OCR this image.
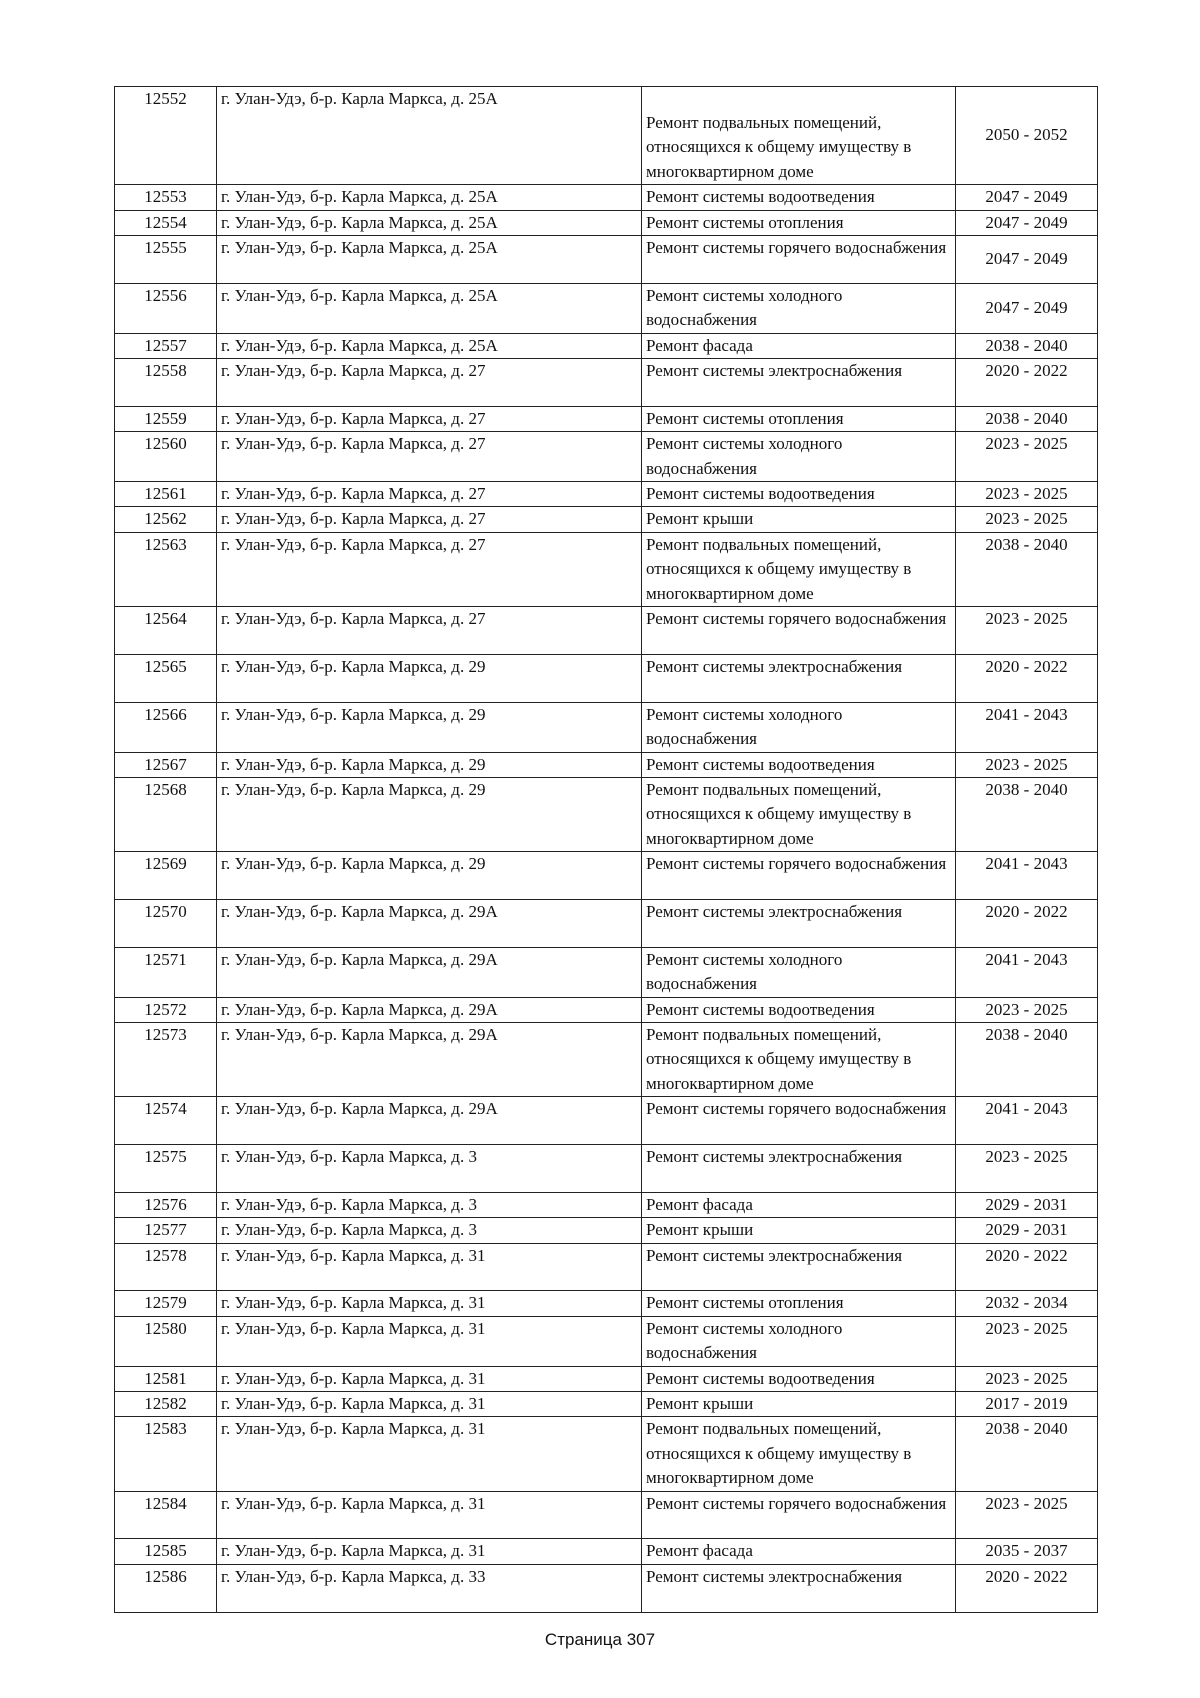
12552	г. Улан-Удэ, б-р. Карла Маркса, д. 25А	Ремонт подвальных помещений, относящихся к общему имуществу в многоквартирном доме	2050 - 2052
12553	г. Улан-Удэ, б-р. Карла Маркса, д. 25А	Ремонт системы водоотведения	2047 - 2049
12554	г. Улан-Удэ, б-р. Карла Маркса, д. 25А	Ремонт системы отопления	2047 - 2049
12555	г. Улан-Удэ, б-р. Карла Маркса, д. 25А	Ремонт системы горячего водоснабжения	2047 - 2049
12556	г. Улан-Удэ, б-р. Карла Маркса, д. 25А	Ремонт системы холодного водоснабжения	2047 - 2049
12557	г. Улан-Удэ, б-р. Карла Маркса, д. 25А	Ремонт фасада	2038 - 2040
12558	г. Улан-Удэ, б-р. Карла Маркса, д. 27	Ремонт системы электроснабжения	2020 - 2022
12559	г. Улан-Удэ, б-р. Карла Маркса, д. 27	Ремонт системы отопления	2038 - 2040
12560	г. Улан-Удэ, б-р. Карла Маркса, д. 27	Ремонт системы холодного водоснабжения	2023 - 2025
12561	г. Улан-Удэ, б-р. Карла Маркса, д. 27	Ремонт системы водоотведения	2023 - 2025
12562	г. Улан-Удэ, б-р. Карла Маркса, д. 27	Ремонт крыши	2023 - 2025
12563	г. Улан-Удэ, б-р. Карла Маркса, д. 27	Ремонт подвальных помещений, относящихся к общему имуществу в многоквартирном доме	2038 - 2040
12564	г. Улан-Удэ, б-р. Карла Маркса, д. 27	Ремонт системы горячего водоснабжения	2023 - 2025
12565	г. Улан-Удэ, б-р. Карла Маркса, д. 29	Ремонт системы электроснабжения	2020 - 2022
12566	г. Улан-Удэ, б-р. Карла Маркса, д. 29	Ремонт системы холодного водоснабжения	2041 - 2043
12567	г. Улан-Удэ, б-р. Карла Маркса, д. 29	Ремонт системы водоотведения	2023 - 2025
12568	г. Улан-Удэ, б-р. Карла Маркса, д. 29	Ремонт подвальных помещений, относящихся к общему имуществу в многоквартирном доме	2038 - 2040
12569	г. Улан-Удэ, б-р. Карла Маркса, д. 29	Ремонт системы горячего водоснабжения	2041 - 2043
12570	г. Улан-Удэ, б-р. Карла Маркса, д. 29А	Ремонт системы электроснабжения	2020 - 2022
12571	г. Улан-Удэ, б-р. Карла Маркса, д. 29А	Ремонт системы холодного водоснабжения	2041 - 2043
12572	г. Улан-Удэ, б-р. Карла Маркса, д. 29А	Ремонт системы водоотведения	2023 - 2025
12573	г. Улан-Удэ, б-р. Карла Маркса, д. 29А	Ремонт подвальных помещений, относящихся к общему имуществу в многоквартирном доме	2038 - 2040
12574	г. Улан-Удэ, б-р. Карла Маркса, д. 29А	Ремонт системы горячего водоснабжения	2041 - 2043
12575	г. Улан-Удэ, б-р. Карла Маркса, д. 3	Ремонт системы электроснабжения	2023 - 2025
12576	г. Улан-Удэ, б-р. Карла Маркса, д. 3	Ремонт фасада	2029 - 2031
12577	г. Улан-Удэ, б-р. Карла Маркса, д. 3	Ремонт крыши	2029 - 2031
12578	г. Улан-Удэ, б-р. Карла Маркса, д. 31	Ремонт системы электроснабжения	2020 - 2022
12579	г. Улан-Удэ, б-р. Карла Маркса, д. 31	Ремонт системы отопления	2032 - 2034
12580	г. Улан-Удэ, б-р. Карла Маркса, д. 31	Ремонт системы холодного водоснабжения	2023 - 2025
12581	г. Улан-Удэ, б-р. Карла Маркса, д. 31	Ремонт системы водоотведения	2023 - 2025
12582	г. Улан-Удэ, б-р. Карла Маркса, д. 31	Ремонт крыши	2017 - 2019
12583	г. Улан-Удэ, б-р. Карла Маркса, д. 31	Ремонт подвальных помещений, относящихся к общему имуществу в многоквартирном доме	2038 - 2040
12584	г. Улан-Удэ, б-р. Карла Маркса, д. 31	Ремонт системы горячего водоснабжения	2023 - 2025
12585	г. Улан-Удэ, б-р. Карла Маркса, д. 31	Ремонт фасада	2035 - 2037
12586	г. Улан-Удэ, б-р. Карла Маркса, д. 33	Ремонт системы электроснабжения	2020 - 2022
Страница 307
